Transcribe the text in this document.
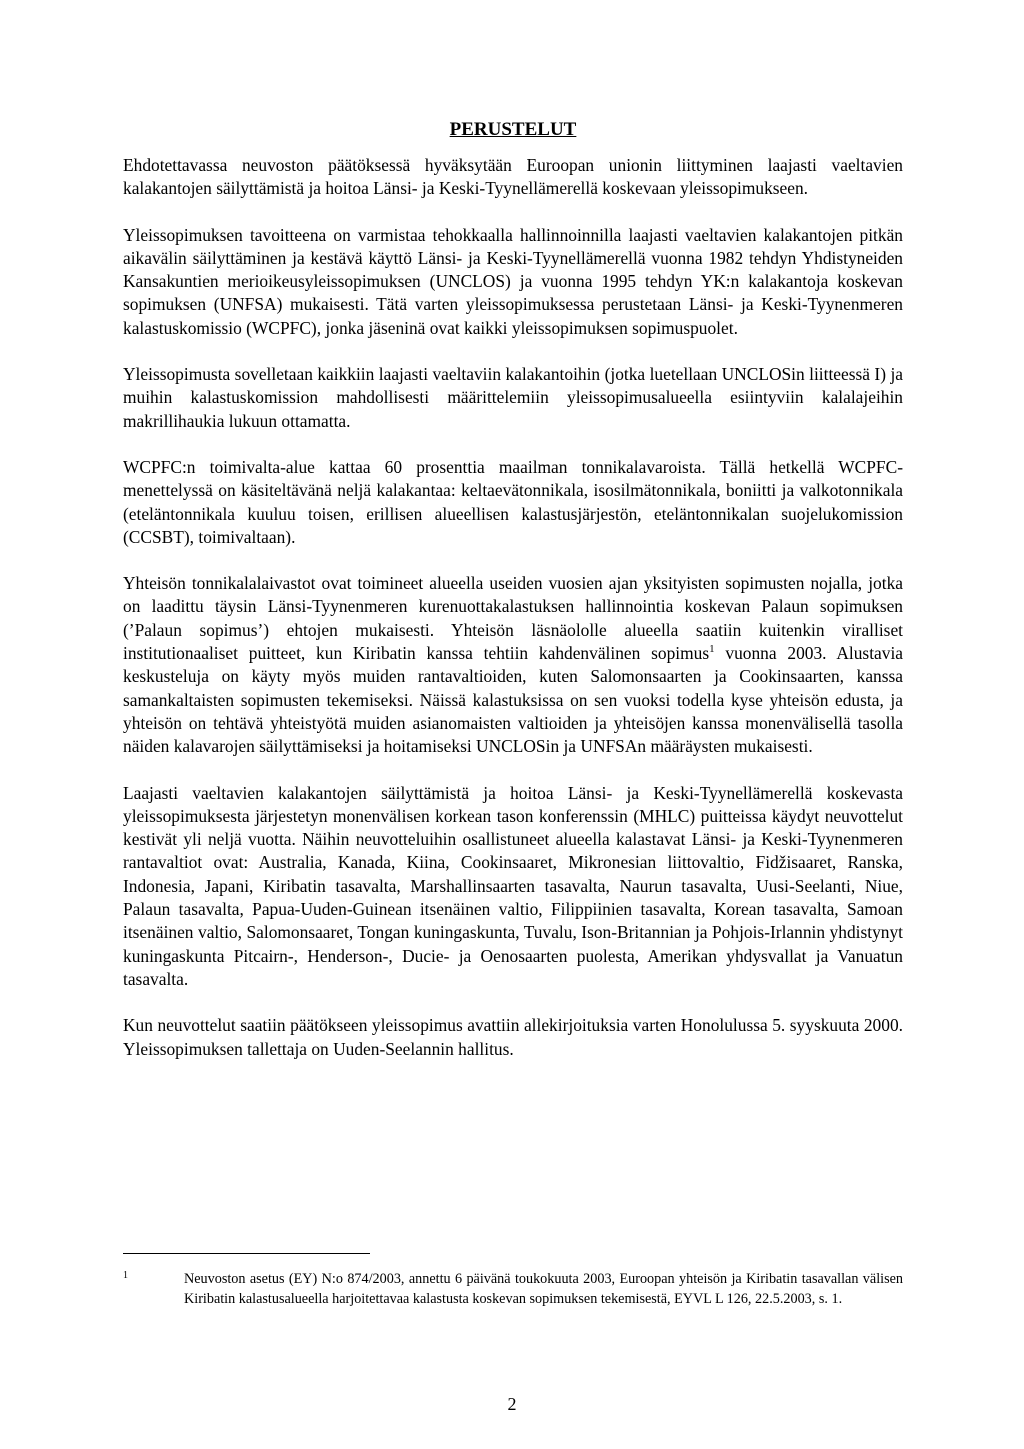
PERUSTELUT

Ehdotettavassa neuvoston päätöksessä hyväksytään Euroopan unionin liittyminen laajasti vaeltavien kalakantojen säilyttämistä ja hoitoa Länsi- ja Keski-Tyynellämerellä koskevaan yleissopimukseen.

Yleissopimuksen tavoitteena on varmistaa tehokkaalla hallinnoinnilla laajasti vaeltavien kalakantojen pitkän aikavälin säilyttäminen ja kestävä käyttö Länsi- ja Keski-Tyynellämerellä vuonna 1982 tehdyn Yhdistyneiden Kansakuntien merioikeusyleissopimuksen (UNCLOS) ja vuonna 1995 tehdyn YK:n kalakantoja koskevan sopimuksen (UNFSA) mukaisesti. Tätä varten yleissopimuksessa perustetaan Länsi- ja Keski-Tyynenmeren kalastuskomissio (WCPFC), jonka jäseninä ovat kaikki yleissopimuksen sopimuspuolet.

Yleissopimusta sovelletaan kaikkiin laajasti vaeltaviin kalakantoihin (jotka luetellaan UNCLOSin liitteessä I) ja muihin kalastuskomission mahdollisesti määrittelemiin yleissopimusalueella esiintyviin kalalajeihin makrillihaukia lukuun ottamatta.

WCPFC:n toimivalta-alue kattaa 60 prosenttia maailman tonnikalavaroista. Tällä hetkellä WCPFC-menettelyssä on käsiteltävänä neljä kalakantaa: keltaevätonnikala, isosilmätonnikala, boniitti ja valkotonnikala (eteläntonnikala kuuluu toisen, erillisen alueellisen kalastusjärjestön, eteläntonnikalan suojelukomission (CCSBT), toimivaltaan).

Yhteisön tonnikalalaivastot ovat toimineet alueella useiden vuosien ajan yksityisten sopimusten nojalla, jotka on laadittu täysin Länsi-Tyynenmeren kurenuottakalastuksen hallinnointia koskevan Palaun sopimuksen (’Palaun sopimus’) ehtojen mukaisesti. Yhteisön läsnäololle alueella saatiin kuitenkin viralliset institutionaaliset puitteet, kun Kiribatin kanssa tehtiin kahdenvälinen sopimus$^1$ vuonna 2003. Alustavia keskusteluja on käyty myös muiden rantavaltioiden, kuten Salomonsaarten ja Cookinsaarten, kanssa samankaltaisten sopimusten tekemiseksi. Näissä kalastuksissa on sen vuoksi todella kyse yhteisön edusta, ja yhteisön on tehtävä yhteistyötä muiden asianomaisten valtioiden ja yhteisöjen kanssa monenvälisellä tasolla näiden kalavarojen säilyttämiseksi ja hoitamiseksi UNCLOSin ja UNFSAn määräysten mukaisesti.

Laajasti vaeltavien kalakantojen säilyttämistä ja hoitoa Länsi- ja Keski-Tyynellämerellä koskevasta yleissopimuksesta järjestetyn monenvälisen korkean tason konferenssin (MHLC) puitteissa käydyt neuvottelut kestivät yli neljä vuotta. Näihin neuvotteluihin osallistuneet alueella kalastavat Länsi- ja Keski-Tyynenmeren rantavaltiot ovat: Australia, Kanada, Kiina, Cookinsaaret, Mikronesian liittovaltio, Fidžisaaret, Ranska, Indonesia, Japani, Kiribatin tasavalta, Marshallinsaarten tasavalta, Naurun tasavalta, Uusi-Seelanti, Niue, Palaun tasavalta, Papua-Uuden-Guinean itsenäinen valtio, Filippiinien tasavalta, Korean tasavalta, Samoan itsenäinen valtio, Salomonsaaret, Tongan kuningaskunta, Tuvalu, Ison-Britannian ja Pohjois-Irlannin yhdistynyt kuningaskunta Pitcairn-, Henderson-, Ducie- ja Oenosaarten puolesta, Amerikan yhdysvallat ja Vanuatun tasavalta.

Kun neuvottelut saatiin päätökseen yleissopimus avattiin allekirjoituksia varten Honolulussa 5. syyskuuta 2000. Yleissopimuksen tallettaja on Uuden-Seelannin hallitus.

1	Neuvoston asetus (EY) N:o 874/2003, annettu 6 päivänä toukokuuta 2003, Euroopan yhteisön ja Kiribatin tasavallan välisen Kiribatin kalastusalueella harjoitettavaa kalastusta koskevan sopimuksen tekemisestä, EYVL L 126, 22.5.2003, s. 1.
2
